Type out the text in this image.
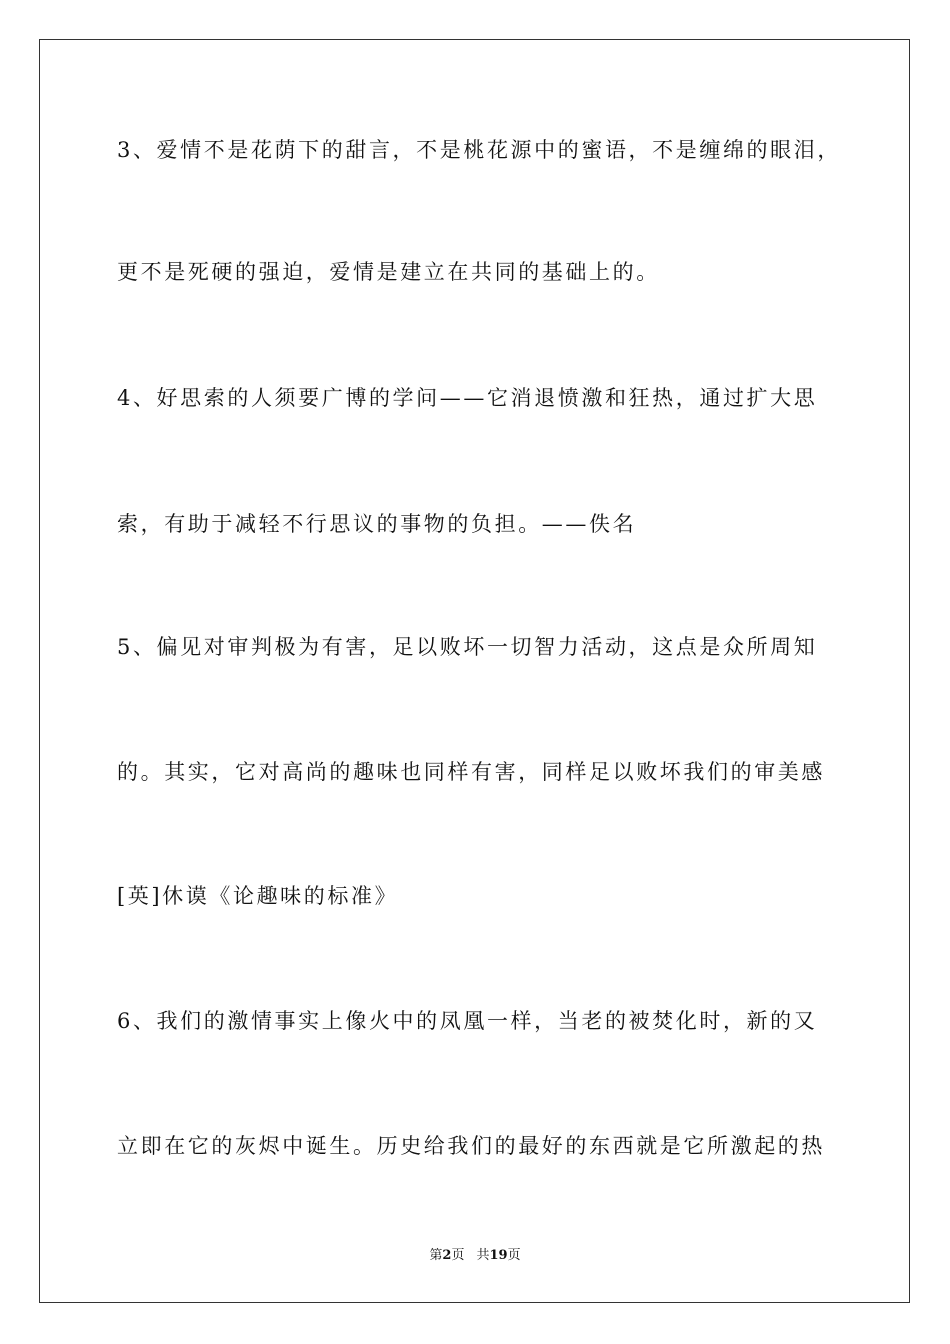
3、爱情不是花荫下的甜言，不是桃花源中的蜜语，不是缠绵的眼泪，
更不是死硬的强迫，爱情是建立在共同的基础上的。
4、好思索的人须要广博的学问——它消退愤激和狂热，通过扩大思
索，有助于减轻不行思议的事物的负担。——佚名
5、偏见对审判极为有害，足以败坏一切智力活动，这点是众所周知
的。其实，它对高尚的趣味也同样有害，同样足以败坏我们的审美感
[英]休谟《论趣味的标准》
6、我们的激情事实上像火中的凤凰一样，当老的被焚化时，新的又
立即在它的灰烬中诞生。历史给我们的最好的东西就是它所激起的热
第2页 共19页
